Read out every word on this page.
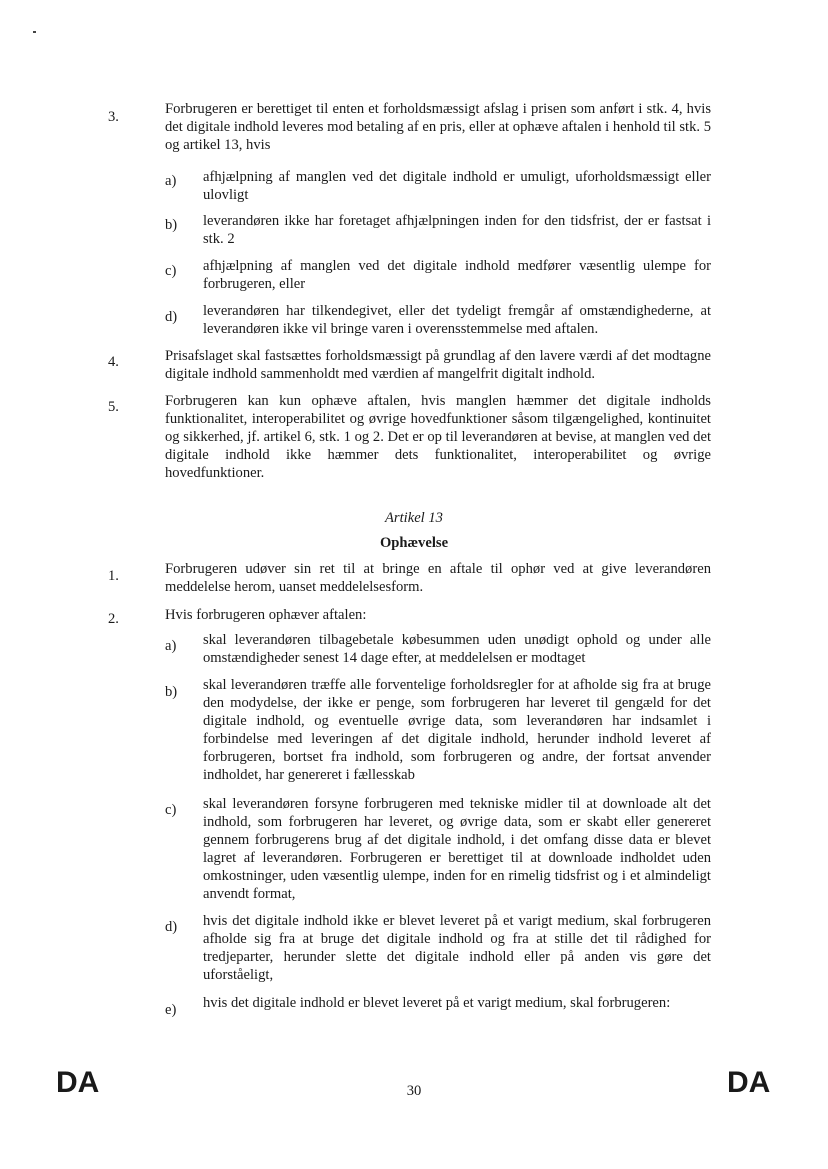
3.	Forbrugeren er berettiget til enten et forholdsmæssigt afslag i prisen som anført i stk. 4, hvis det digitale indhold leveres mod betaling af en pris, eller at ophæve aftalen i henhold til stk. 5 og artikel 13, hvis
a) afhjælpning af manglen ved det digitale indhold er umuligt, uforholdsmæssigt eller ulovligt
b) leverandøren ikke har foretaget afhjælpningen inden for den tidsfrist, der er fastsat i stk. 2
c) afhjælpning af manglen ved det digitale indhold medfører væsentlig ulempe for forbrugeren, eller
d) leverandøren har tilkendegivet, eller det tydeligt fremgår af omstændighederne, at leverandøren ikke vil bringe varen i overensstemmelse med aftalen.
4.	Prisafslaget skal fastsættes forholdsmæssigt på grundlag af den lavere værdi af det modtagne digitale indhold sammenholdt med værdien af mangelfrit digitalt indhold.
5.	Forbrugeren kan kun ophæve aftalen, hvis manglen hæmmer det digitale indholds funktionalitet, interoperabilitet og øvrige hovedfunktioner såsom tilgængelighed, kontinuitet og sikkerhed, jf. artikel 6, stk. 1 og 2. Det er op til leverandøren at bevise, at manglen ved det digitale indhold ikke hæmmer dets funktionalitet, interoperabilitet og øvrige hovedfunktioner.
Artikel 13
Ophævelse
1.	Forbrugeren udøver sin ret til at bringe en aftale til ophør ved at give leverandøren meddelelse herom, uanset meddelelsesform.
2.	Hvis forbrugeren ophæver aftalen:
a) skal leverandøren tilbagebetale købesummen uden unødigt ophold og under alle omstændigheder senest 14 dage efter, at meddelelsen er modtaget
b) skal leverandøren træffe alle forventelige forholdsregler for at afholde sig fra at bruge den modydelse, der ikke er penge, som forbrugeren har leveret til gengæld for det digitale indhold, og eventuelle øvrige data, som leverandøren har indsamlet i forbindelse med leveringen af det digitale indhold, herunder indhold leveret af forbrugeren, bortset fra indhold, som forbrugeren og andre, der fortsat anvender indholdet, har genereret i fællesskab
c) skal leverandøren forsyne forbrugeren med tekniske midler til at downloade alt det indhold, som forbrugeren har leveret, og øvrige data, som er skabt eller genereret gennem forbrugerens brug af det digitale indhold, i det omfang disse data er blevet lagret af leverandøren. Forbrugeren er berettiget til at downloade indholdet uden omkostninger, uden væsentlig ulempe, inden for en rimelig tidsfrist og i et almindeligt anvendt format,
d) hvis det digitale indhold ikke er blevet leveret på et varigt medium, skal forbrugeren afholde sig fra at bruge det digitale indhold og fra at stille det til rådighed for tredjeparter, herunder slette det digitale indhold eller på anden vis gøre det uforståeligt,
e) hvis det digitale indhold er blevet leveret på et varigt medium, skal forbrugeren:
DA	30	DA
